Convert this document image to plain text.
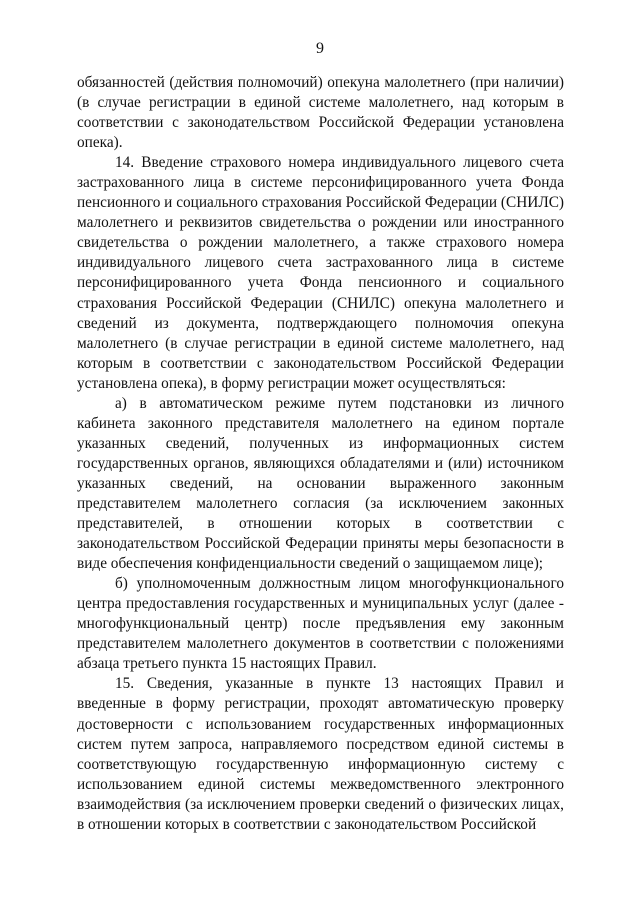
9

обязанностей (действия полномочий) опекуна малолетнего (при наличии) (в случае регистрации в единой системе малолетнего, над которым в соответствии с законодательством Российской Федерации установлена опека).

14. Введение страхового номера индивидуального лицевого счета застрахованного лица в системе персонифицированного учета Фонда пенсионного и социального страхования Российской Федерации (СНИЛС) малолетнего и реквизитов свидетельства о рождении или иностранного свидетельства о рождении малолетнего, а также страхового номера индивидуального лицевого счета застрахованного лица в системе персонифицированного учета Фонда пенсионного и социального страхования Российской Федерации (СНИЛС) опекуна малолетнего и сведений из документа, подтверждающего полномочия опекуна малолетнего (в случае регистрации в единой системе малолетнего, над которым в соответствии с законодательством Российской Федерации установлена опека), в форму регистрации может осуществляться:

а) в автоматическом режиме путем подстановки из личного кабинета законного представителя малолетнего на едином портале указанных сведений, полученных из информационных систем государственных органов, являющихся обладателями и (или) источником указанных сведений, на основании выраженного законным представителем малолетнего согласия (за исключением законных представителей, в отношении которых в соответствии с законодательством Российской Федерации приняты меры безопасности в виде обеспечения конфиденциальности сведений о защищаемом лице);

б) уполномоченным должностным лицом многофункционального центра предоставления государственных и муниципальных услуг (далее - многофункциональный центр) после предъявления ему законным представителем малолетнего документов в соответствии с положениями абзаца третьего пункта 15 настоящих Правил.

15. Сведения, указанные в пункте 13 настоящих Правил и введенные в форму регистрации, проходят автоматическую проверку достоверности с использованием государственных информационных систем путем запроса, направляемого посредством единой системы в соответствующую государственную информационную систему с использованием единой системы межведомственного электронного взаимодействия (за исключением проверки сведений о физических лицах, в отношении которых в соответствии с законодательством Российской
